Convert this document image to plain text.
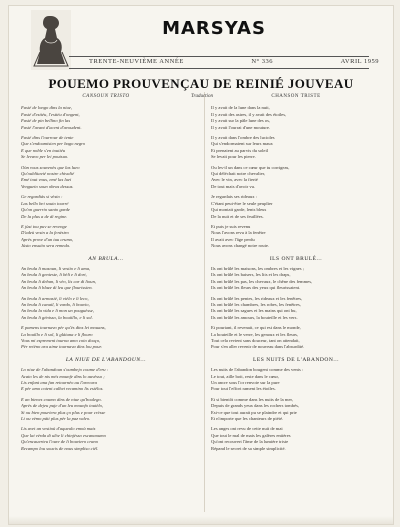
MARSYAS
TRENTE-NEUVIÈME ANNÉE	N° 336	AVRIL 1959
POUEMO PROUVENÇAU DE REINIÉ JOUVEAU
CANSOUN TRISTO	Traduction
Fasié de longo dins la niue,
Fasié d'estiéu, l'estiéu d'ongent,
Fasié de pin bellino fin las
Fasié l'avant d'acent d'avoudent.
Fasié dins l'ourrour de tente
Que s'endoumisien per bago negro
E que noble s'en toutiéu
Se levavo per lei poutsuo.
Oùn vous souvenès que las lueo
Qu'oublitavié nostre chivalié
Emé tout vous, emé las luei
Vengueto soun obras dessus.
Ge regardiàs si vèsto :
Las bello bei souto tourré
Qu'on guerrio santo garde
De la plus a de di regine.
E jùst tou puv se revenge
D'adeù vesin a la fenèstro
Après prove d'un tuu crumo,
Jùsto ensuito sera remeda.
AN BRULA...
An brula li masoun, li vestio e li ama,
An brula li genieste, li bèli e li dort,
An brula li deban, li vèo, lis car di lioun,
An brula li blaze di leu que flourissien.
An brula li armasiè, li vièlo e li leco,
An brula li canail, li vardo, li bouvio,
An brula la vida e li mon un pouguèsse,
An brula li génisso, la bouiillo, e li sol.
E pamens tournavo pèr qu'ès dins lei mouans,
La bouillo e li sol, li glàiuna e li flouro
Vous mi esprement tourna amo coto douço,
Pèr retèno ara aime tournava dins lou pour.
LA NIUE DE L'ABANDOUN...
Lo niue de l'abandoun s'oumbejo coume d'eru :
Acato les de nis més mounfe dins lo auvèsso ;
Lis enfant ana fan retournèo au l'arecura
E pèr amo cotent calhet recamino lis estèlos.
E an bienes coumo dins de niue qu'boulego.
Après de dejeu puje d'un leu mounfo toutèlo,
Si ou bien pouriera plus ço plus e pour crèsse
Li ou vèmo pàti plus pèr la paz valeo.
Lis avet an vestioù d'aqueulo emoù mais
Que lai vèrda di ulòe li chinjèsso escanaoumo
Qu'encauerteu l'oure de li bouviero crano
Recampo lou soucis de nous simpliso cièl.
CHANSON TRISTE
Il y avait de la lune dans la nuit,
Il y avait des astres, il y avait des étoiles,
Il y avait sur la pâle lune des os,
Il y avait l'ourrai d'une mouture.
Il y avait dans l'ombre des lucioles
Qui s'endormaient sur leurs maux
Et prenaient au parvis du soleil
Se levait pour les pierre.
Ou les-il un dans ce cœur que tu corrigeas,
Qui déléchait notre chevalier,
Avec le vin, avec la fierté
De tout mais d'avoir vu.
Je regardais ses rideaux :
C'étant peut-être le seule peuplier
Qui montait garde, lents bleus
De la nuit et de ses feuillées.
Et puis je suis revenu
Nous l'avons revu à la fenêtre
Il avait avec l'âge perdu
Nous avons changé notre route.
ILS ONT BRULÉ...
Ils ont brûlé les maisons, les ombres et les vignes ;
Ils ont brûlé les baisers, les lits et les draps,
Ils ont brûlé les pas, les chevaux, le chêne des femmes,
Ils ont brûlé les fleurs des yeux qui fleurissaient.
Ils ont brûlé les pentes, les rideaux et les fenêtres,
Ils ont brûlé les chambres, les robes, les fenêtres,
Ils ont brûlé les sagues et les mains qui ont bu,
Ils ont brûlé les amours, la bouteille et les vers.
Et pourtant, il revenait, ce qui est dans le monde,
La bouteille et le verre, les genoux et les fleurs,
Tout cela revient sans douceur, tant on attendait,
Pour s'en aller revenir de nouveau dans l'absurdité.
LES NUITS DE L'ABANDON...
Les nuits de l'abandon bougent comme des vents :
Le tout, aille boit, reste dans le cœur,
Un ancre sous l'or renvoie sur la pure
Pour tout l'effort rament les étoiles.
Et si bientôt comme dans les nuits de la mer,
Depuis de grands yeux dans les rochers tombés,
Est-ce que tout aurait pu se plaindre et qui prie
Et n'importe que les chanteurs de piété.
Les anges ont revu de cette nuit de mai
Que tout le mal de mais les galères entières
Qu'ont recouvert l'âme de la lumière triste
Répand le secret de sa simple simplicité.
